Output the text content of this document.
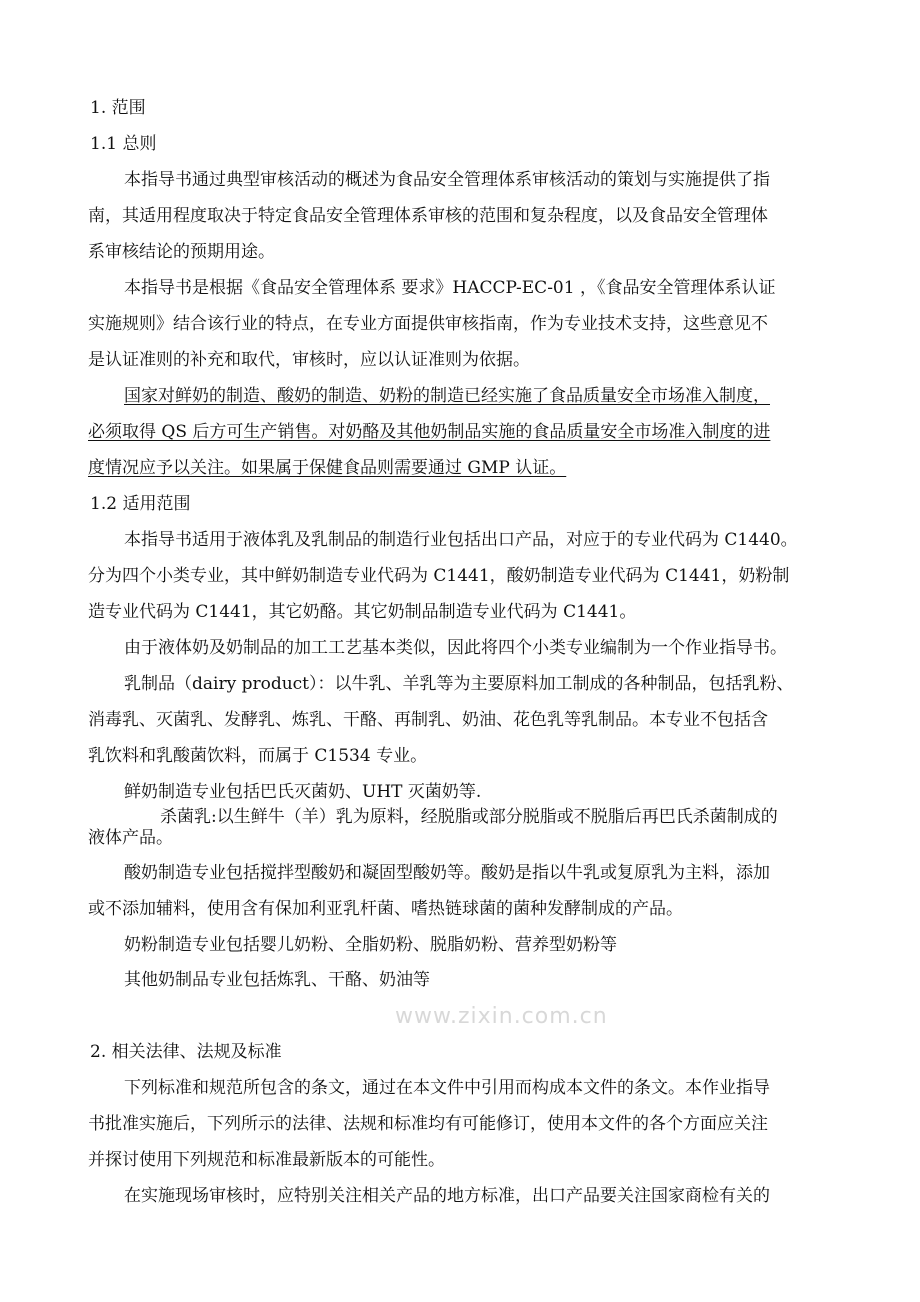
1. 范围
1.1 总则
本指导书通过典型审核活动的概述为食品安全管理体系审核活动的策划与实施提供了指
南，其适用程度取决于特定食品安全管理体系审核的范围和复杂程度，以及食品安全管理体
系审核结论的预期用途。
本指导书是根据《食品安全管理体系 要求》HACCP-EC-01 ，《食品安全管理体系认证
实施规则》结合该行业的特点，在专业方面提供审核指南，作为专业技术支持，这些意见不
是认证准则的补充和取代，审核时，应以认证准则为依据。
国家对鲜奶的制造、酸奶的制造、奶粉的制造已经实施了食品质量安全市场准入制度，
必须取得 QS 后方可生产销售。对奶酪及其他奶制品实施的食品质量安全市场准入制度的进
度情况应予以关注。如果属于保健食品则需要通过 GMP 认证。
1.2 适用范围
本指导书适用于液体乳及乳制品的制造行业包括出口产品，对应于的专业代码为 C1440。
分为四个小类专业，其中鲜奶制造专业代码为 C1441，酸奶制造专业代码为 C1441，奶粉制
造专业代码为 C1441，其它奶酪。其它奶制品制造专业代码为 C1441。
由于液体奶及奶制品的加工工艺基本类似，因此将四个小类专业编制为一个作业指导书。
乳制品（dairy product）：以牛乳、羊乳等为主要原料加工制成的各种制品，包括乳粉、
消毒乳、灭菌乳、发酵乳、炼乳、干酪、再制乳、奶油、花色乳等乳制品。本专业不包括含
乳饮料和乳酸菌饮料，而属于 C1534 专业。
鲜奶制造专业包括巴氏灭菌奶、UHT 灭菌奶等.
杀菌乳:以生鲜牛（羊）乳为原料，经脱脂或部分脱脂或不脱脂后再巴氏杀菌制成的
液体产品。
酸奶制造专业包括搅拌型酸奶和凝固型酸奶等。酸奶是指以牛乳或复原乳为主料，添加
或不添加辅料，使用含有保加利亚乳杆菌、嗜热链球菌的菌种发酵制成的产品。
奶粉制造专业包括婴儿奶粉、全脂奶粉、脱脂奶粉、营养型奶粉等
其他奶制品专业包括炼乳、干酪、奶油等
2. 相关法律、法规及标准
下列标准和规范所包含的条文，通过在本文件中引用而构成本文件的条文。本作业指导
书批准实施后，下列所示的法律、法规和标准均有可能修订，使用本文件的各个方面应关注
并探讨使用下列规范和标准最新版本的可能性。
在实施现场审核时，应特别关注相关产品的地方标准，出口产品要关注国家商检有关的
www.zixin.com.cn
